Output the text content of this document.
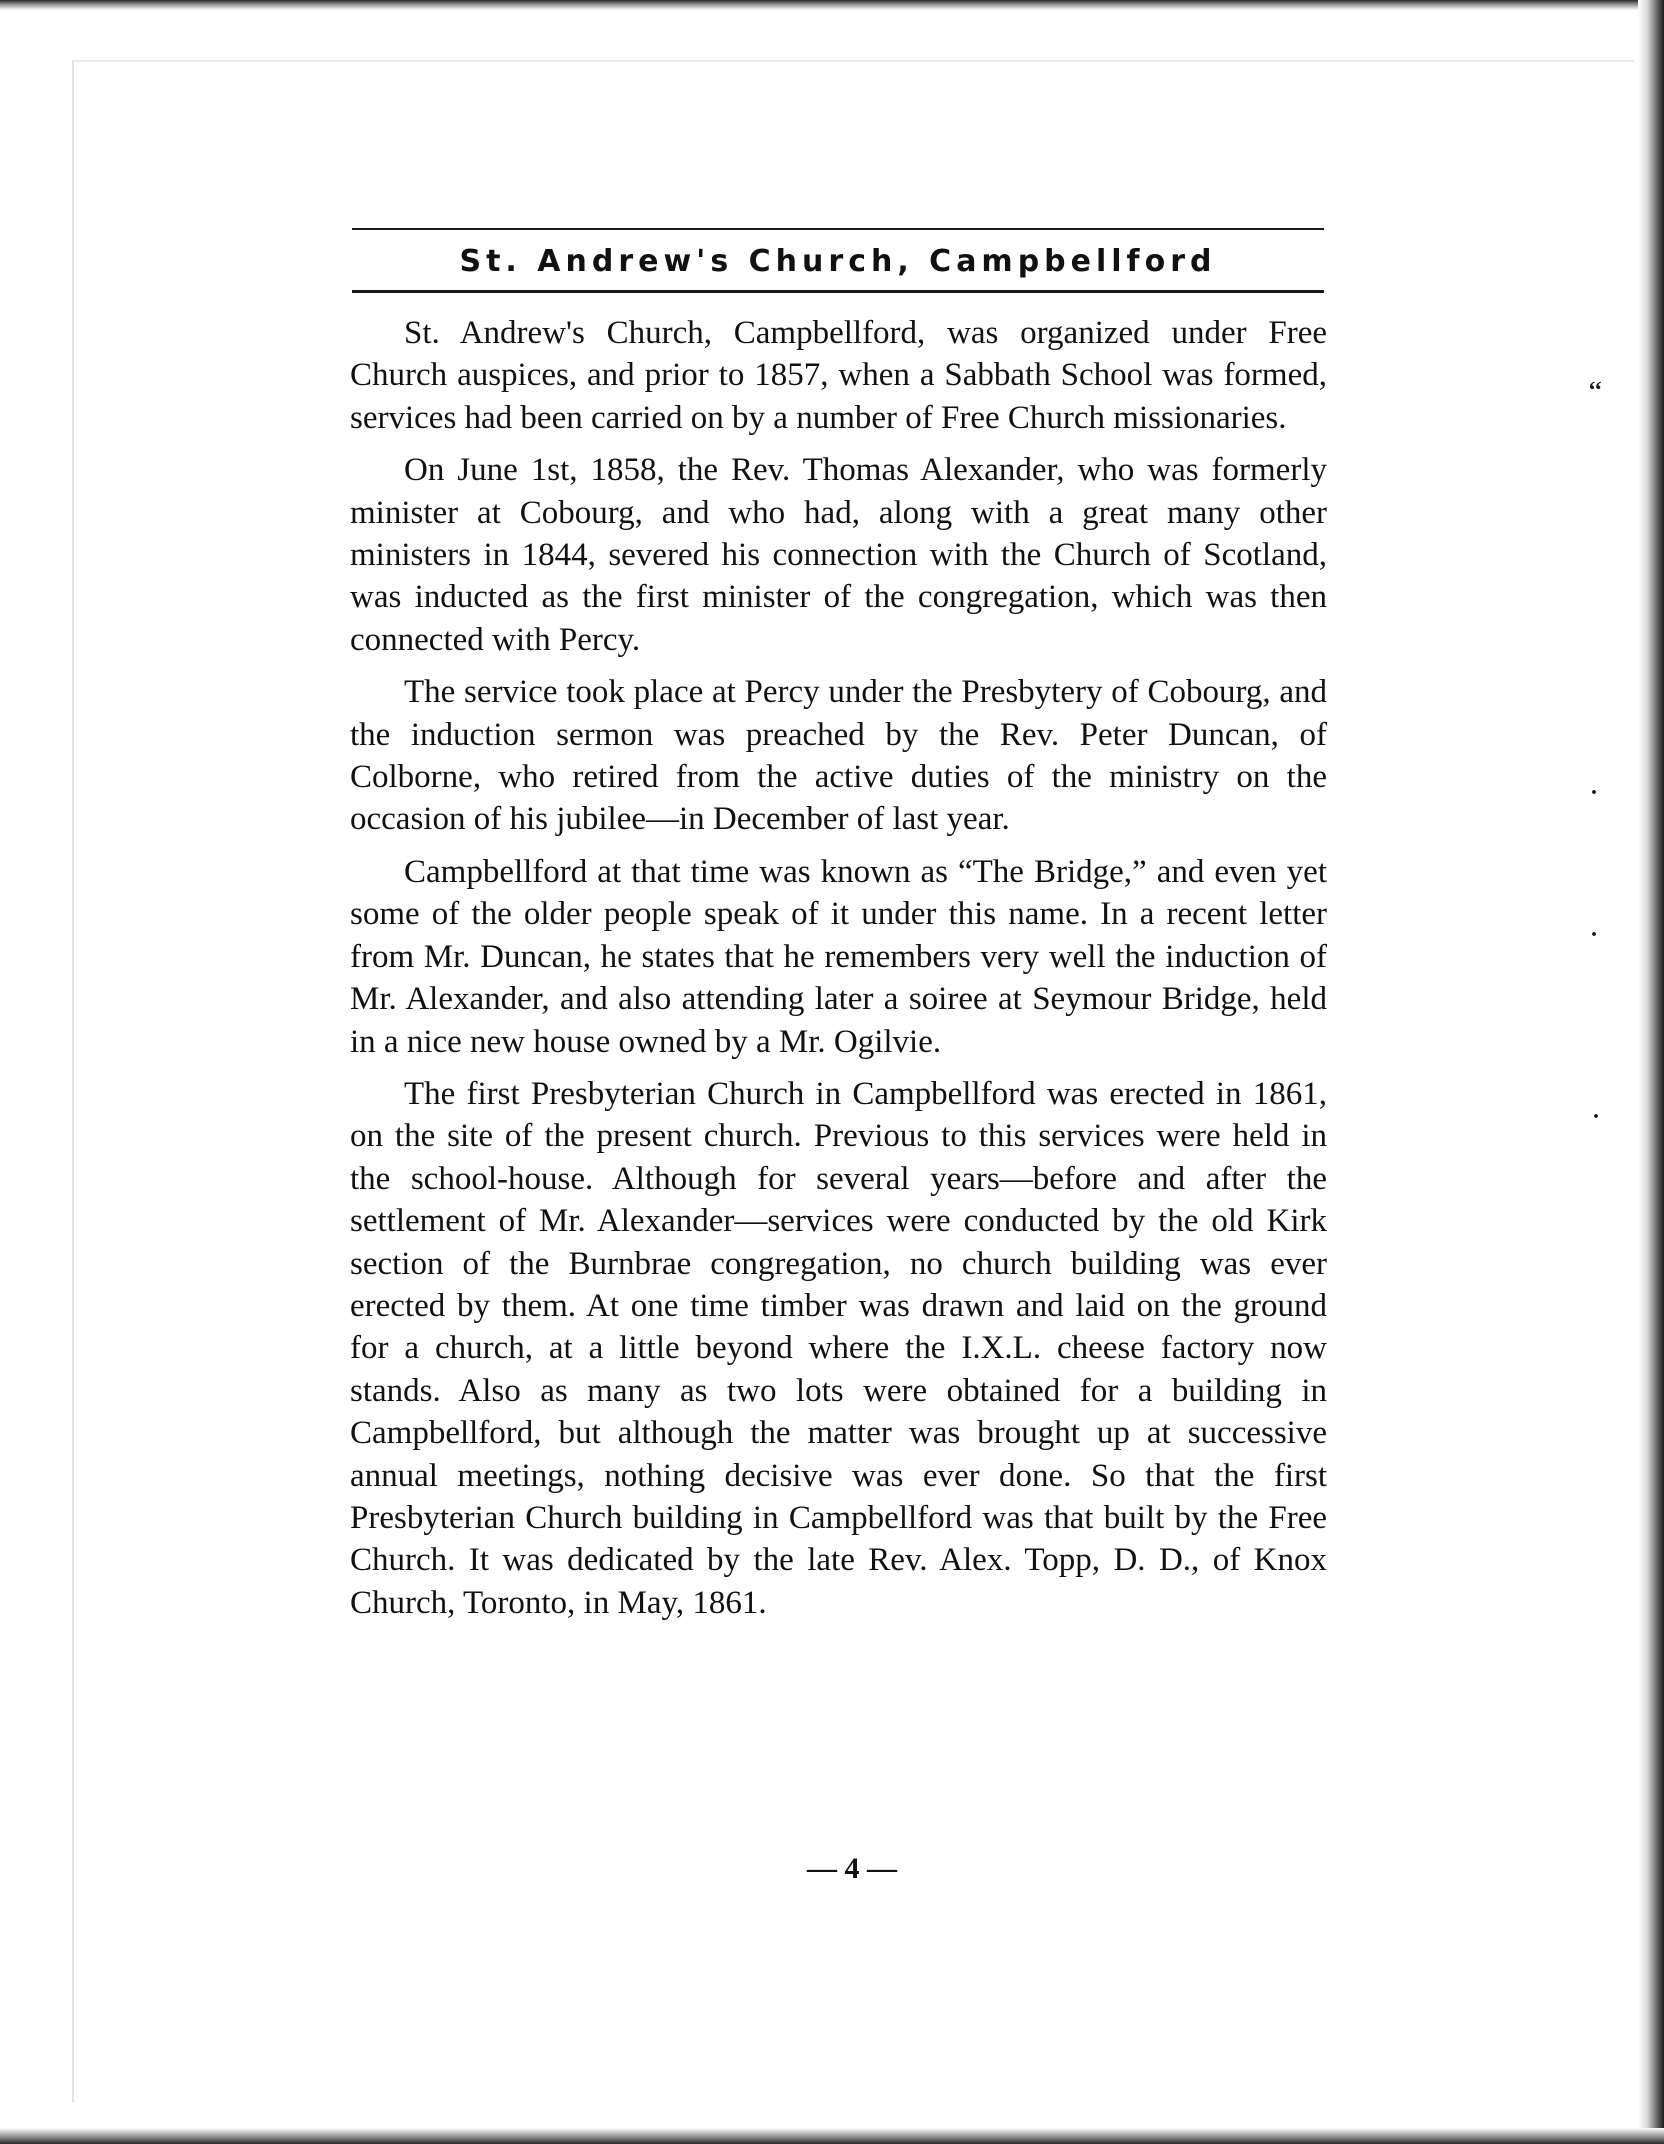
St. Andrew's Church, Campbellford

St. Andrew's Church, Campbellford, was organized under Free Church auspices, and prior to 1857, when a Sabbath School was formed, services had been carried on by a number of Free Church missionaries.

On June 1st, 1858, the Rev. Thomas Alexander, who was formerly minister at Cobourg, and who had, along with a great many other ministers in 1844, severed his connection with the Church of Scotland, was inducted as the first minister of the congregation, which was then connected with Percy.

The service took place at Percy under the Presbytery of Cobourg, and the induction sermon was preached by the Rev. Peter Duncan, of Colborne, who retired from the active duties of the ministry on the occasion of his jubilee—in December of last year.

Campbellford at that time was known as “The Bridge,” and even yet some of the older people speak of it under this name. In a recent letter from Mr. Duncan, he states that he remembers very well the induction of Mr. Alexander, and also attending later a soiree at Seymour Bridge, held in a nice new house owned by a Mr. Ogilvie.

The first Presbyterian Church in Campbellford was erected in 1861, on the site of the present church. Previous to this services were held in the school-house. Although for several years—before and after the settlement of Mr. Alexander—services were conducted by the old Kirk section of the Burnbrae congregation, no church building was ever erected by them. At one time timber was drawn and laid on the ground for a church, at a little beyond where the I.X.L. cheese factory now stands. Also as many as two lots were obtained for a building in Campbellford, but although the matter was brought up at successive annual meetings, nothing decisive was ever done. So that the first Presbyterian Church building in Campbellford was that built by the Free Church. It was dedicated by the late Rev. Alex. Topp, D. D., of Knox Church, Toronto, in May, 1861.

— 4 —
‘‘
·
·
·
